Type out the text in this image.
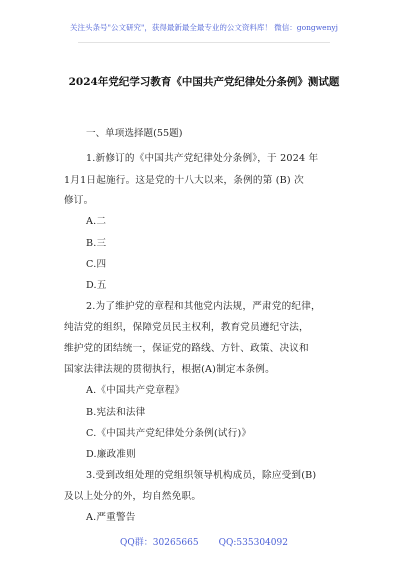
关注头条号"公文研究"，获得最新最全最专业的公文资料库！ 微信：gongwenyj
2024年党纪学习教育《中国共产党纪律处分条例》测试题
一、单项选择题(55题)
1.新修订的《中国共产党纪律处分条例》，于 2024 年
1月1日起施行。这是党的十八大以来，条例的第 (B) 次
修订。
A.二
B.三
C.四
D.五
2.为了维护党的章程和其他党内法规，严肃党的纪律，
纯洁党的组织，保障党员民主权利，教育党员遵纪守法，
维护党的团结统一，保证党的路线、方针、政策、决议和
国家法律法规的贯彻执行，根据(A)制定本条例。
A.《中国共产党章程》
B.宪法和法律
C.《中国共产党纪律处分条例(试行)》
D.廉政准则
3.受到改组处理的党组织领导机构成员，除应受到(B)
及以上处分的外，均自然免职。
A.严重警告
QQ群：30265665 QQ:535304092
